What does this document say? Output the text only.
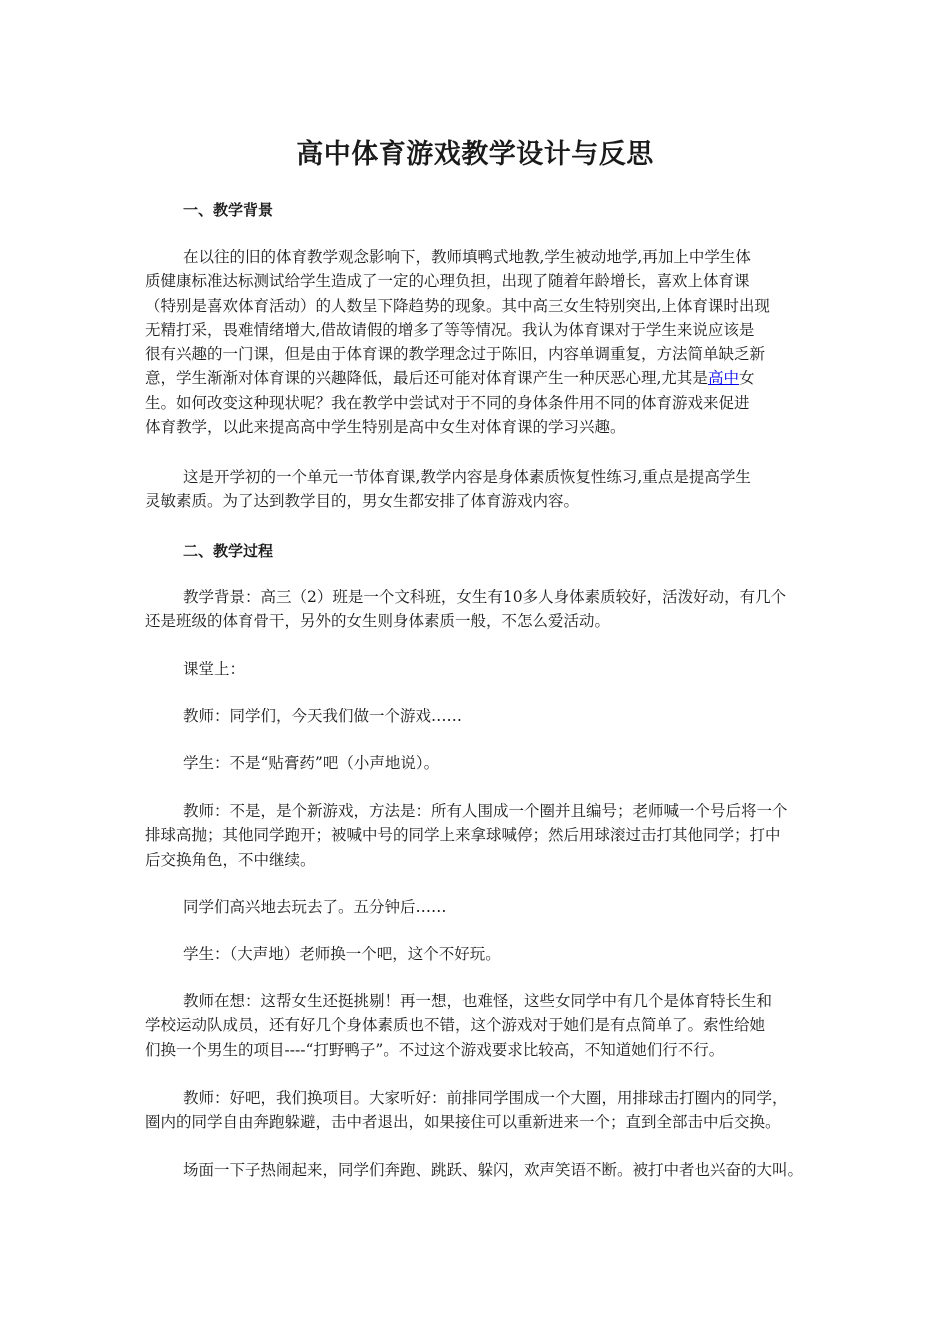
高中体育游戏教学设计与反思
一、教学背景
在以往的旧的体育教学观念影响下，教师填鸭式地教,学生被动地学,再加上中学生体
质健康标准达标测试给学生造成了一定的心理负担，出现了随着年龄增长，喜欢上体育课
（特别是喜欢体育活动）的人数呈下降趋势的现象。其中高三女生特别突出,上体育课时出现
无精打采，畏难情绪增大,借故请假的增多了等等情况。我认为体育课对于学生来说应该是
很有兴趣的一门课，但是由于体育课的教学理念过于陈旧，内容单调重复，方法简单缺乏新
意，学生渐渐对体育课的兴趣降低，最后还可能对体育课产生一种厌恶心理,尤其是高中女
生。如何改变这种现状呢？我在教学中尝试对于不同的身体条件用不同的体育游戏来促进
体育教学，以此来提高高中学生特别是高中女生对体育课的学习兴趣。
这是开学初的一个单元一节体育课,教学内容是身体素质恢复性练习,重点是提高学生
灵敏素质。为了达到教学目的，男女生都安排了体育游戏内容。
二、教学过程
教学背景：高三（2）班是一个文科班，女生有10多人身体素质较好，活泼好动，有几个
还是班级的体育骨干，另外的女生则身体素质一般，不怎么爱活动。
课堂上：
教师：同学们，今天我们做一个游戏……
学生：不是“贴膏药”吧（小声地说）。
教师：不是，是个新游戏，方法是：所有人围成一个圈并且编号；老师喊一个号后将一个
排球高抛；其他同学跑开；被喊中号的同学上来拿球喊停；然后用球滚过击打其他同学；打中
后交换角色，不中继续。
同学们高兴地去玩去了。五分钟后……
学生：（大声地）老师换一个吧，这个不好玩。
教师在想：这帮女生还挺挑剔！再一想，也难怪，这些女同学中有几个是体育特长生和
学校运动队成员，还有好几个身体素质也不错，这个游戏对于她们是有点简单了。索性给她
们换一个男生的项目----“打野鸭子”。不过这个游戏要求比较高，不知道她们行不行。
教师：好吧，我们换项目。大家听好：前排同学围成一个大圈，用排球击打圈内的同学，
圈内的同学自由奔跑躲避，击中者退出，如果接住可以重新进来一个；直到全部击中后交换。
场面一下子热闹起来，同学们奔跑、跳跃、躲闪，欢声笑语不断。被打中者也兴奋的大叫。
